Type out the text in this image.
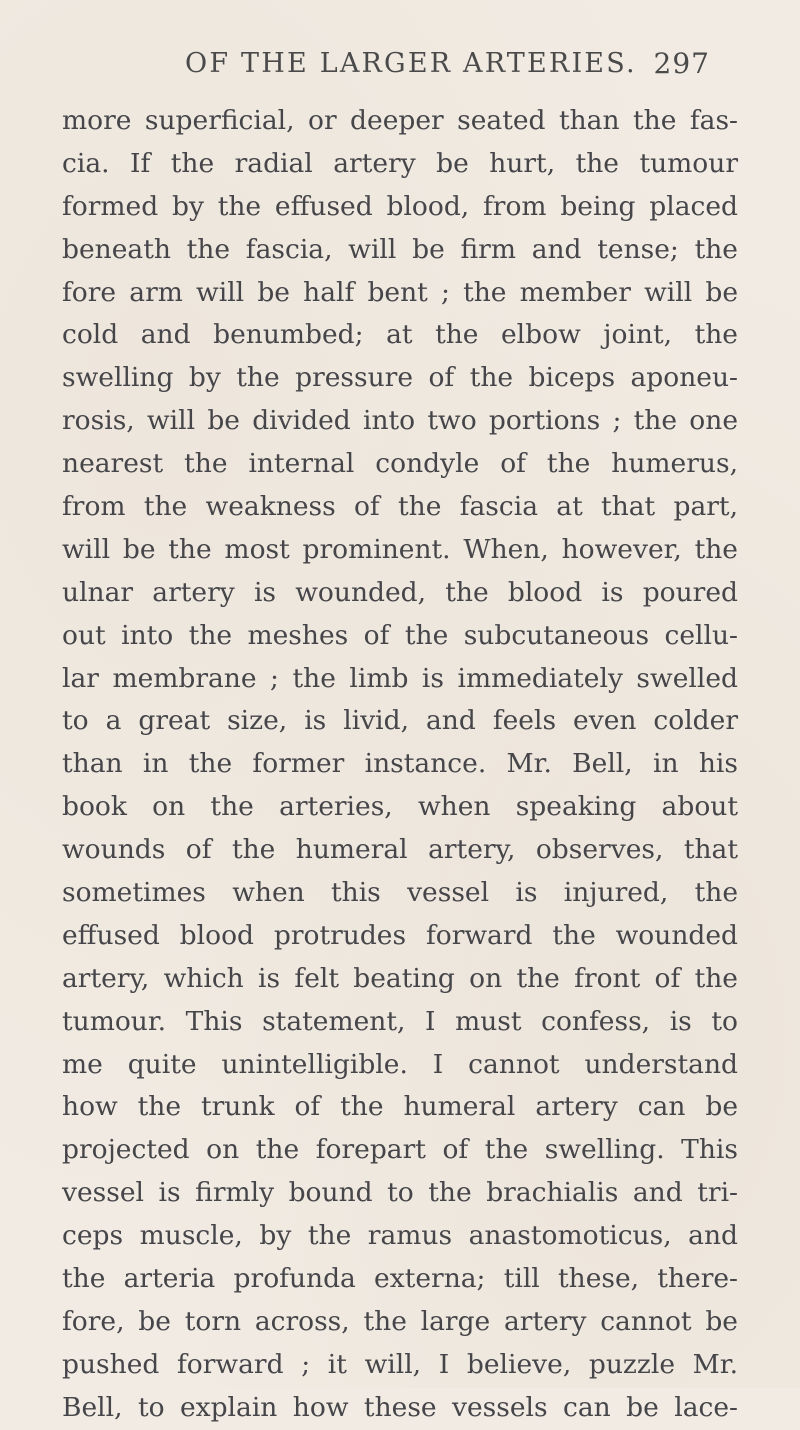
OF THE LARGER ARTERIES. 297
more superficial, or deeper seated than the fas-
cia. If the radial artery be hurt, the tumour
formed by the effused blood, from being placed
beneath the fascia, will be firm and tense; the
fore arm will be half bent ; the member will be
cold and benumbed; at the elbow joint, the
swelling by the pressure of the biceps aponeu-
rosis, will be divided into two portions ; the one
nearest the internal condyle of the humerus,
from the weakness of the fascia at that part,
will be the most prominent. When, however, the
ulnar artery is wounded, the blood is poured
out into the meshes of the subcutaneous cellu-
lar membrane ; the limb is immediately swelled
to a great size, is livid, and feels even colder
than in the former instance. Mr. Bell, in his
book on the arteries, when speaking about
wounds of the humeral artery, observes, that
sometimes when this vessel is injured, the
effused blood protrudes forward the wounded
artery, which is felt beating on the front of the
tumour. This statement, I must confess, is to
me quite unintelligible. I cannot understand
how the trunk of the humeral artery can be
projected on the forepart of the swelling. This
vessel is firmly bound to the brachialis and tri-
ceps muscle, by the ramus anastomoticus, and
the arteria profunda externa; till these, there-
fore, be torn across, the large artery cannot be
pushed forward ; it will, I believe, puzzle Mr.
Bell, to explain how these vessels can be lace-
